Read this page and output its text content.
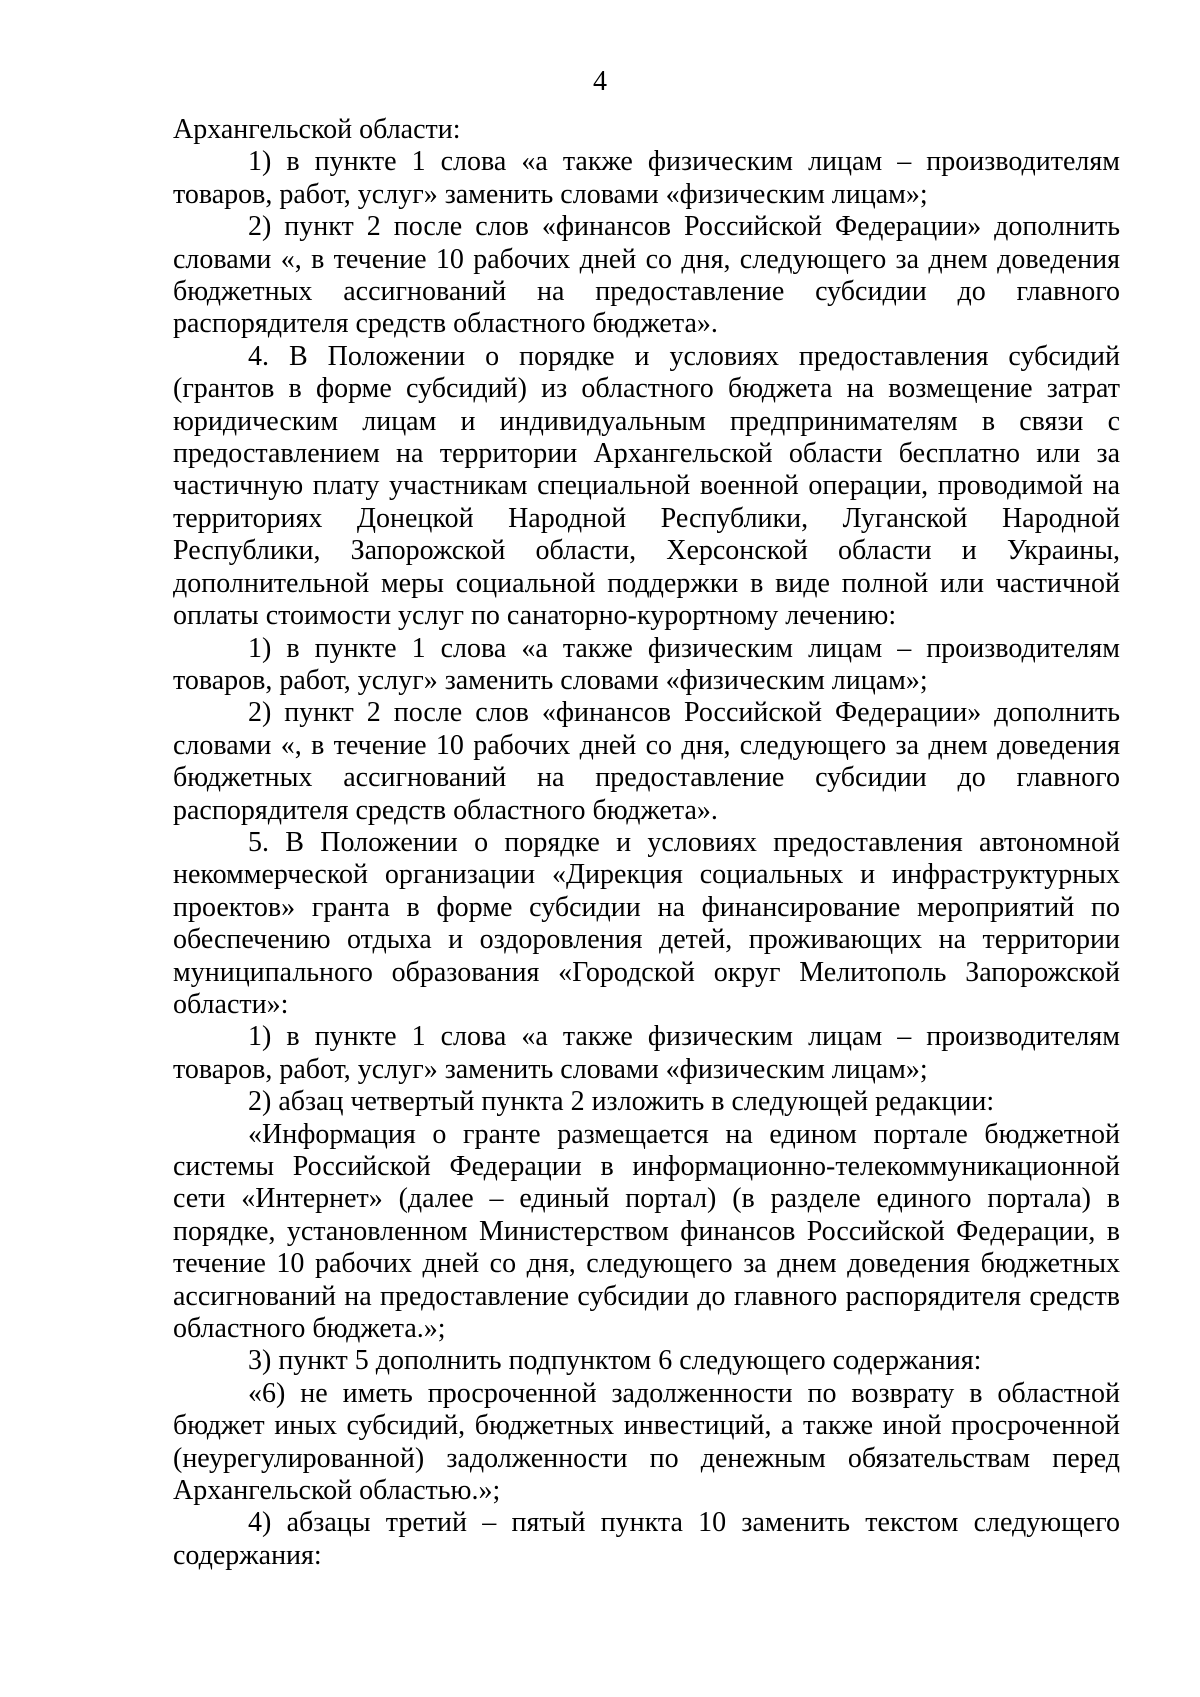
4

Архангельской области:

1) в пункте 1 слова «а также физическим лицам – производителям товаров, работ, услуг» заменить словами «физическим лицам»;

2) пункт 2 после слов «финансов Российской Федерации» дополнить словами «, в течение 10 рабочих дней со дня, следующего за днем доведения бюджетных ассигнований на предоставление субсидии до главного распорядителя средств областного бюджета».

4. В Положении о порядке и условиях предоставления субсидий (грантов в форме субсидий) из областного бюджета на возмещение затрат юридическим лицам и индивидуальным предпринимателям в связи с предоставлением на территории Архангельской области бесплатно или за частичную плату участникам специальной военной операции, проводимой на территориях Донецкой Народной Республики, Луганской Народной Республики, Запорожской области, Херсонской области и Украины, дополнительной меры социальной поддержки в виде полной или частичной оплаты стоимости услуг по санаторно-курортному лечению:

1) в пункте 1 слова «а также физическим лицам – производителям товаров, работ, услуг» заменить словами «физическим лицам»;

2) пункт 2 после слов «финансов Российской Федерации» дополнить словами «, в течение 10 рабочих дней со дня, следующего за днем доведения бюджетных ассигнований на предоставление субсидии до главного распорядителя средств областного бюджета».

5. В Положении о порядке и условиях предоставления автономной некоммерческой организации «Дирекция социальных и инфраструктурных проектов» гранта в форме субсидии на финансирование мероприятий по обеспечению отдыха и оздоровления детей, проживающих на территории муниципального образования «Городской округ Мелитополь Запорожской области»:

1) в пункте 1 слова «а также физическим лицам – производителям товаров, работ, услуг» заменить словами «физическим лицам»;

2) абзац четвертый пункта 2 изложить в следующей редакции:

«Информация о гранте размещается на едином портале бюджетной системы Российской Федерации в информационно-телекоммуникационной сети «Интернет» (далее – единый портал) (в разделе единого портала) в порядке, установленном Министерством финансов Российской Федерации, в течение 10 рабочих дней со дня, следующего за днем доведения бюджетных ассигнований на предоставление субсидии до главного распорядителя средств областного бюджета.»;

3) пункт 5 дополнить подпунктом 6 следующего содержания:

«6) не иметь просроченной задолженности по возврату в областной бюджет иных субсидий, бюджетных инвестиций, а также иной просроченной (неурегулированной) задолженности по денежным обязательствам перед Архангельской областью.»;

4) абзацы третий – пятый пункта 10 заменить текстом следующего содержания:
